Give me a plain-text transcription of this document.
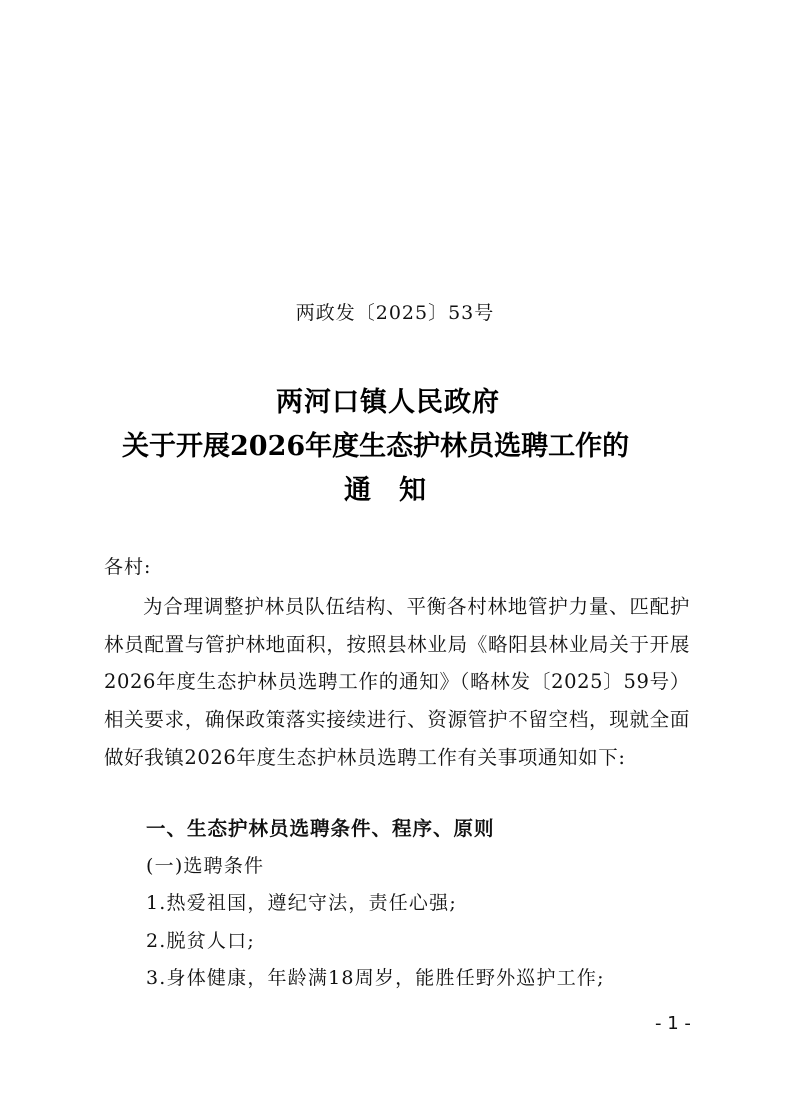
两政发〔2025〕53号
两河口镇人民政府
关于开展2026年度生态护林员选聘工作的
通 知
各村:

为合理调整护林员队伍结构、平衡各村林地管护力量、匹配护林员配置与管护林地面积，按照县林业局《略阳县林业局关于开展2026年度生态护林员选聘工作的通知》（略林发〔2025〕59号）相关要求，确保政策落实接续进行、资源管护不留空档，现就全面做好我镇2026年度生态护林员选聘工作有关事项通知如下:

一、生态护林员选聘条件、程序、原则
(一)选聘条件
1.热爱祖国，遵纪守法，责任心强;
2.脱贫人口;
3.身体健康，年龄满18周岁，能胜任野外巡护工作;
- 1 -
